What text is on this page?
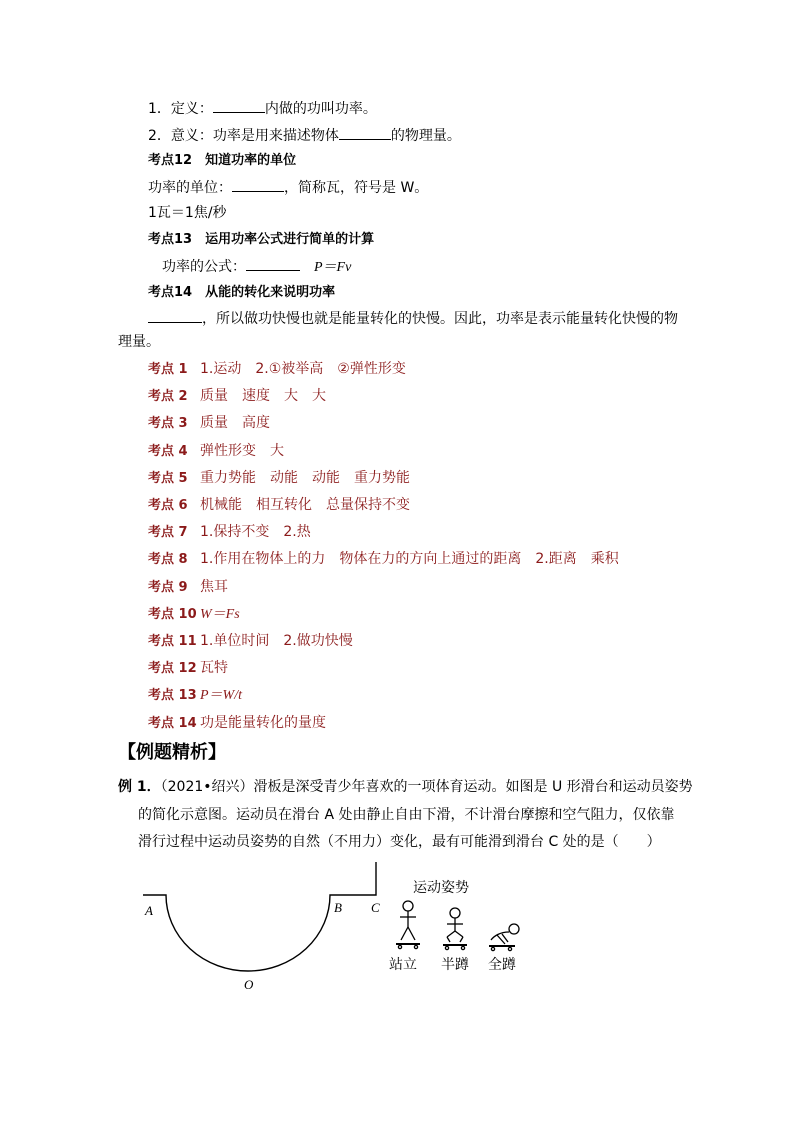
1．定义：	内做的功叫功率。
2．意义：功率是用来描述物体	的物理量。
考点12　知道功率的单位
功率的单位：	，简称瓦，符号是 W。
1瓦＝1焦/秒
考点13　运用功率公式进行简单的计算
功率的公式：	P＝Fv
考点14　从能的转化来说明功率
，所以做功快慢也就是能量转化的快慢。因此，功率是表示能量转化快慢的物
理量。
考点 1 1.运动　2.①被举高　②弹性形变
考点 2 质量　速度　大　大
考点 3 质量　高度
考点 4 弹性形变　大
考点 5 重力势能　动能　动能　重力势能
考点 6 机械能　相互转化　总量保持不变
考点 7 1.保持不变　2.热
考点 8 1.作用在物体上的力　物体在力的方向上通过的距离　2.距离　乘积
考点 9 焦耳
考点 10 W＝Fs
考点 11 1.单位时间　2.做功快慢
考点 12 瓦特
考点 13 P＝W/t
考点 14 功是能量转化的量度
【例题精析】
例 1．（2021•绍兴）滑板是深受青少年喜欢的一项体育运动。如图是 U 形滑台和运动员姿势
的简化示意图。运动员在滑台 A 处由静止自由下滑，不计滑台摩擦和空气阻力，仅依靠
滑行过程中运动员姿势的自然（不用力）变化，最有可能滑到滑台 C 处的是（　　）
A	B C
O
运动姿势
站立 半蹲 全蹲
